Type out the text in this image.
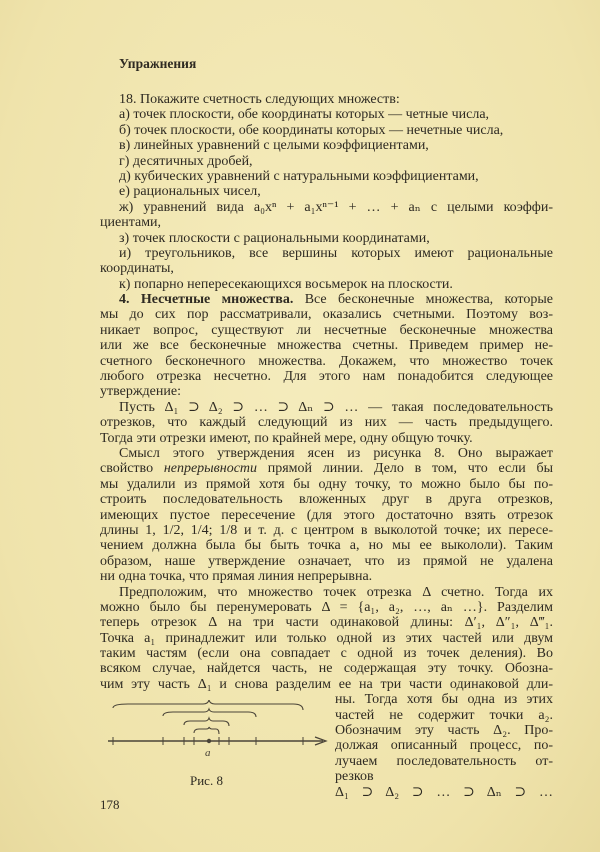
Упражнения
18. Покажите счетность следующих множеств:
а) точек плоскости, обе координаты которых — четные числа,
б) точек плоскости, обе координаты которых — нечетные числа,
в) линейных уравнений с целыми коэффициентами,
г) десятичных дробей,
д) кубических уравнений с натуральными коэффициентами,
е) рациональных чисел,
ж) уравнений вида a₀xⁿ + a₁xⁿ⁻¹ + … + aₙ с целыми коэффи-
циентами,
з) точек плоскости с рациональными координатами,
и) треугольников, все вершины которых имеют рациональные
координаты,
к) попарно непересекающихся восьмерок на плоскости.
4. Несчетные множества. Все бесконечные множества, которые
мы до сих пор рассматривали, оказались счетными. Поэтому воз-
никает вопрос, существуют ли несчетные бесконечные множества
или же все бесконечные множества счетны. Приведем пример не-
счетного бесконечного множества. Докажем, что множество точек
любого отрезка несчетно. Для этого нам понадобится следующее
утверждение:
Пусть Δ₁ ⊃ Δ₂ ⊃ … ⊃ Δₙ ⊃ … — такая последовательность
отрезков, что каждый следующий из них — часть предыдущего.
Тогда эти отрезки имеют, по крайней мере, одну общую точку.
Смысл этого утверждения ясен из рисунка 8. Оно выражает
свойство непрерывности прямой линии. Дело в том, что если бы
мы удалили из прямой хотя бы одну точку, то можно было бы по-
строить последовательность вложенных друг в друга отрезков,
имеющих пустое пересечение (для этого достаточно взять отрезок
длины 1, 1/2, 1/4; 1/8 и т. д. с центром в выколотой точке; их пересе-
чением должна была бы быть точка a, но мы ее выкололи). Таким
образом, наше утверждение означает, что из прямой не удалена
ни одна точка, что прямая линия непрерывна.
Предположим, что множество точек отрезка Δ счетно. Тогда их
можно было бы перенумеровать Δ = {a₁, a₂, …, aₙ …}. Разделим
теперь отрезок Δ на три части одинаковой длины: Δ′₁, Δ″₁, Δ‴₁.
Точка a₁ принадлежит или только одной из этих частей или двум
таким частям (если она совпадает с одной из точек деления). Во
всяком случае, найдется часть, не содержащая эту точку. Обозна-
чим эту часть Δ₁ и снова разделим ее на три части одинаковой дли-
ны. Тогда хотя бы одна из этих
частей не содержит точки a₂.
Обозначим эту часть Δ₂. Про-
должая описанный процесс, по-
лучаем последовательность от-
резков
Δ₁ ⊃ Δ₂ ⊃ … ⊃ Δₙ ⊃ …
a
Рис. 8
178
